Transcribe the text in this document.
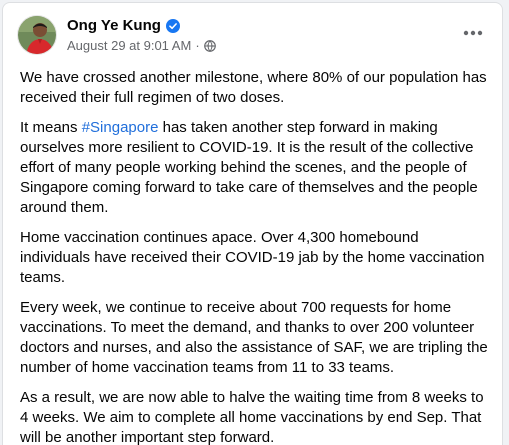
Ong Ye Kung
August 29 at 9:01 AM ·

We have crossed another milestone, where 80% of our population has received their full regimen of two doses.

It means #Singapore has taken another step forward in making ourselves more resilient to COVID-19. It is the result of the collective effort of many people working behind the scenes, and the people of Singapore coming forward to take care of themselves and the people around them.

Home vaccination continues apace. Over 4,300 homebound individuals have received their COVID-19 jab by the home vaccination teams.

Every week, we continue to receive about 700 requests for home vaccinations. To meet the demand, and thanks to over 200 volunteer doctors and nurses, and also the assistance of SAF, we are tripling the number of home vaccination teams from 11 to 33 teams.

As a result, we are now able to halve the waiting time from 8 weeks to 4 weeks. We aim to complete all home vaccinations by end Sep. That will be another important step forward.
